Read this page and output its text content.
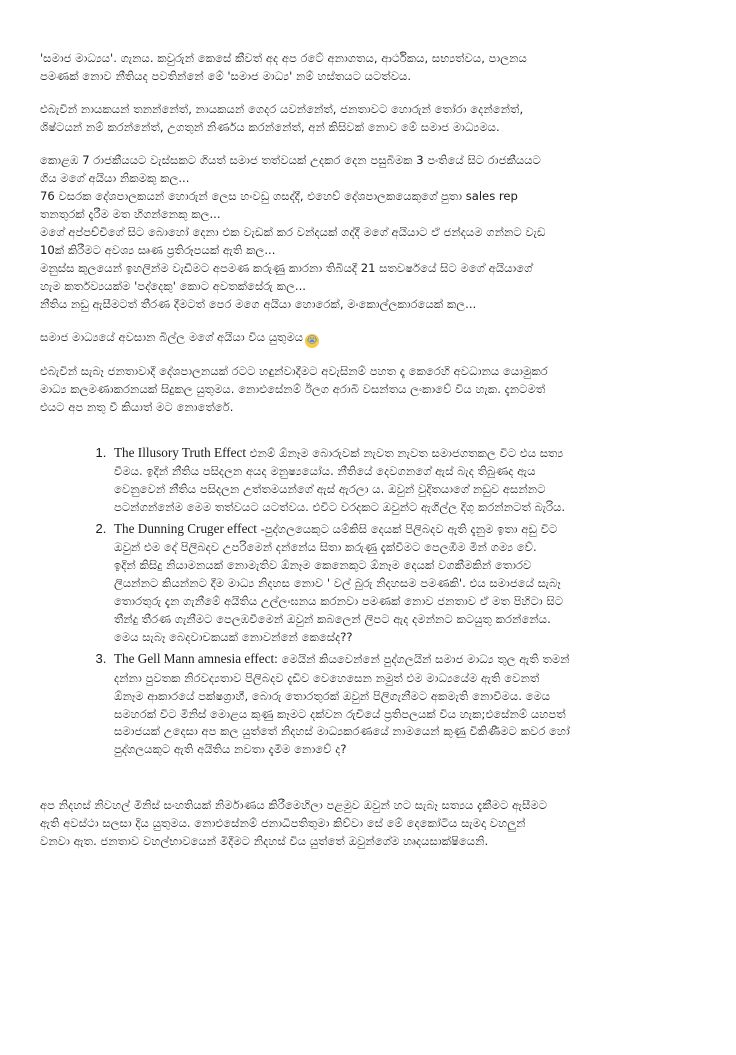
'සමාජ මාධ්‍යය'. ගැනය. කවුරුන් කෙසේ කීවත් අද අප රටේ අනාගතය, ආර්ථිකය, සභ්‍යත්වය, පාලනය
පමණක් නොව නීතියද පවතින්නේ මේ 'සමාජ මාධ්‍ය' නම් හස්තයට යටත්වය.

එබැවින් නායකයන් තනන්නේත්, නායකයන් ගෙදර යවන්නේත්, ජනතාවට හොරුන් තෝරා දෙන්නේත්,
ශිෂ්ටයන් නම් කරන්නේත්, උගතුන් නිර්ණය කරන්නේත්, අන් කිසිවක් නොව මේ සමාජ මාධ්‍යමය.

කොළඹ 7 රාජකීයයට වැස්සකට ගියත් සමාජ තත්වයක් උදකර දෙන පසුබිමක 3 පංතියේ සිට රාජකීයයට
ගිය මගේ අයියා නිකමකු කල...
76 වසරක දේශපාලකයන් හොරුන් ලෙස හංවඩු ගසද්දී, එහෙව් දේශපාලකයෙකුගේ පුතා sales rep
තනතුරක් දැරීම මත හිගන්නෙකු කල...
මගේ අප්පච්චිගේ සිට බොහෝ දෙනා එක වැඩක් කර වන්දයක් ගද්දී මගේ අයියාට ඒ ජන්දයම ගන්නට වැඩ
10ක් කිරීමට අවශ්‍ය සෘණ ප්‍රතිරූපයක් ඇති කල...
මනුස්ස කුලයෙන් ඉහලින්ම වැඩීමට අපමණ කරුණු කාරනා තිබියදී 21 සතවර්ෂයේ සිට මගේ අයියාගේ
හැම කර්තව්‍යයක්ම 'පද්දෙකු' කොට අවතක්සේරු කල...
නීතිය නඩු ඇසීමටත් තීරණ දීමටත් පෙර මගෙ අයියා හොරෙක්, මංකොල්ලකාරයෙක් කල...

සමාජ මාධ්‍යයේ අවසාන බිල්ල මගේ අයියා විය යුතුමය 😭

එබැවින් සැබෑ ජනතාවාදී දේශපාලනයක් රටට හඳුන්වාදීමට අවැසිනම් පහත දෑ කෙරෙහි අවධානය යොමුකර
මාධ්‍ය කලමණාකරනයක් සිදුකල යුතුමය. නොඑසේනම් ඊලග අරාබි වසන්තය ලංකාවේ විය හැක. දැනටමත්
එයට අප නතු වී කියාත් මට නොතේරේ.

1. The Illusory Truth Effect එනම් ඕනෑම බොරුවක් නැවත නැවත සමාජගතකල විට එය සත්‍ය
වීමය. ඉදින් නීතිය පසිදලන අයද මනුෂ්‍යයෝය. නීතියේ දෙවගනගේ ඇස් බැද තිබුණද ඇය
වෙනුවෙන් නීතිය පසිදලන උත්තමයන්ගේ ඇස් ඇරලා ය. ඔවුන් වුදිතයාගේ නඩුව අසන්නට
පටන්ගන්නේම මෙම තත්වයට යටත්වය. එවිට වරදකට ඔවුන්ට ඇගිල්ල දිගු කරන්නටත් බැරිය.
2. The Dunning Cruger effect -පුද්ගලයෙකුට යම්කිසි දෙයක් පිලිබදව ඇති දැනුම ඉතා අඩු විට
ඔවුන් එම දේ පිලිබදව උපරිමෙන් දන්නේය සිතා කරුණු දැක්වීමට පෙලඹීම මින් ගම්‍ය වේ.
ඉදින් කිසිදු නියාමනයක් නොමැතිව ඕනෑම කෙනෙකුට ඕනෑම දෙයක් වගකීමකින් තොරව
ලියන්නට කියන්නට දීම මාධ්‍ය නිදහස නොව ' වල් බුරු නිදහසම පමණකි'. එය සමාජයේ සැබෑ
තොරතුරු දැන ගැනීමේ අයිතිය උල්ලංඝනය කරනවා පමණක් නොව ජනතාව ඒ මත පිහිටා සිට
තීන්දු තීරණ ගැනීමට පෙලඹවීමෙන් ඔවුන් කබලෙන් ලිපට ඇද දමන්නට කටයුතු කරන්නේය.
මෙය සැබෑ බෙදවාචකයක් නොවන්නේ කෙසේද??
3. The Gell Mann amnesia effect: මෙයින් කියවෙන්නේ පුද්ගලයින් සමාජ මාධ්‍ය තුල ඇති තමන්
දන්නා පුවතක නිරවද්‍යතාව පිලිබදව දැඩිව වෙහෙසෙන නමුත් එම මාධ්‍යයේම ඇති වෙනත්
ඕනෑම ආකාරයේ පක්ෂග්‍රාහී, බොරු තොරතුරක් ඔවුන් පිලිගැනීමට අකමැති නොවීමය. මෙය
සමහරක් විට මිනිස් මොළය කුණු කෑමට දක්වන රුචියේ ප්‍රතිපලයක් විය හැක;එසේනම් යහපත්
සමාජයක් උදෙසා අප කල යුත්තේ නිදහස් මාධ්‍යකරණයේ නාමයෙන් කුණු විකිණීමට කවර හෝ
පුද්ගලයකුට ඇති අයිතිය නවතා දැමීම නොවේ ද?

අප නිදහස් නිවහල් මිනිස් සංහතියක් නිර්මාණය කිරීමෙහිලා පළමුව ඔවුන් හට සැබෑ සත්‍යය දැකීමට ඇසීමට
ඇති අවස්ථා සලසා දිය යුතුමය. නොඑසේනම් ජනාධිපතිතුමා කිව්වා සේ මේ දෙකෝටිය සැමදා වහලුන්
වනවා ඇත. ජනතාව වහල්භාවයෙන් මිදීමට නිදහස් විය යුත්තේ ඔවුන්ගේම හෘදයසාක්ෂියෙනි.
